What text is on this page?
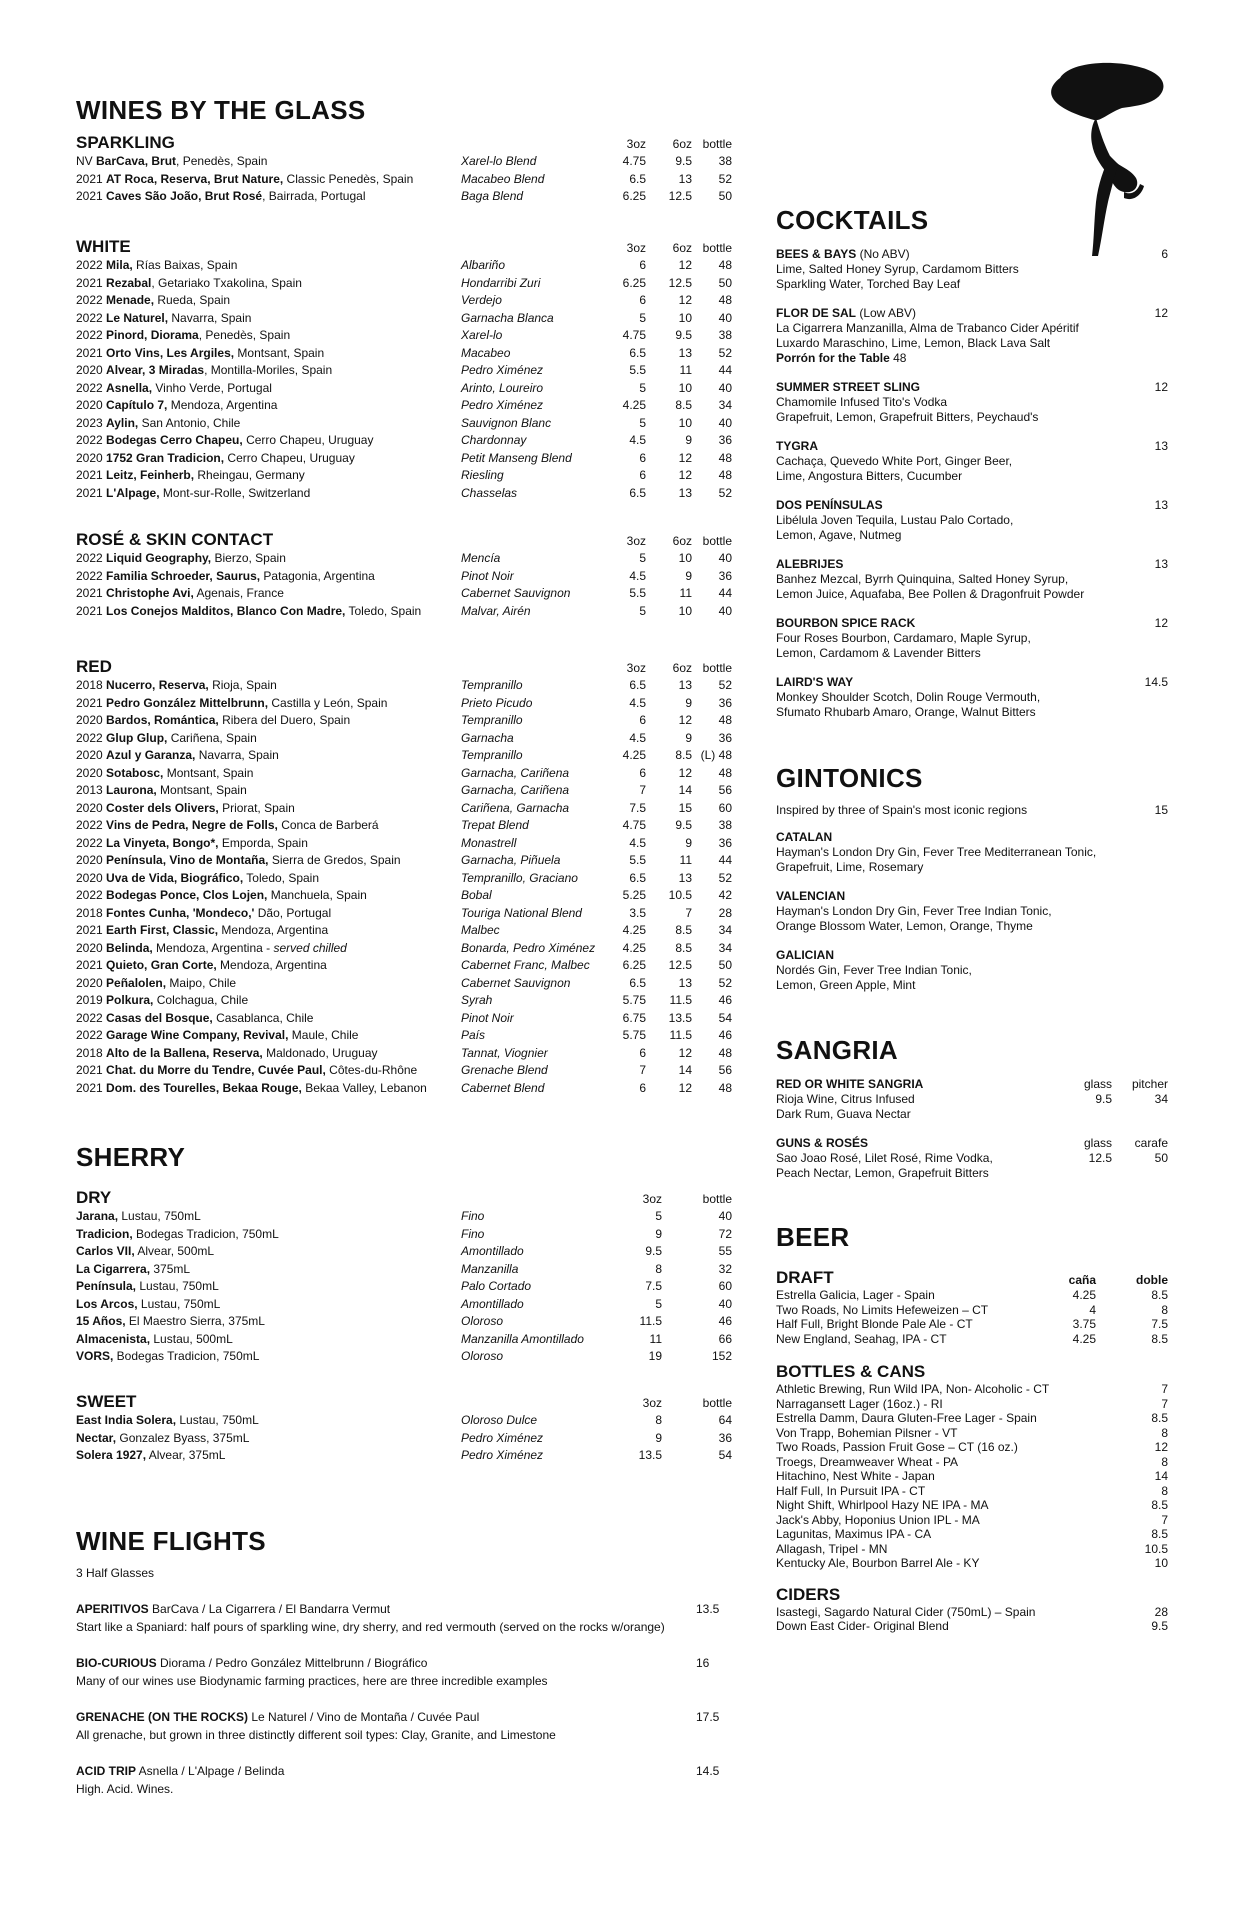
WINES BY THE GLASS
SPARKLING	3oz 6oz bottle
NV BarCava, Brut, Penedès, Spain	Xarel-lo Blend	4.75 9.5 38
2021 AT Roca, Reserva, Brut Nature, Classic Penedès, Spain	Macabeo Blend	6.5	13 52
2021 Caves São João, Brut Rosé, Bairrada, Portugal	Baga Blend	6.25 12.5 50
WHITE	3oz 6oz bottle
2022 Mila, Rías Baixas, Spain	Albariño	6	12 48
2021 Rezabal, Getariako Txakolina, Spain	Hondarribi Zuri	6.25 12.5 50
2022 Menade, Rueda, Spain	Verdejo	6	12 48
2022 Le Naturel, Navarra, Spain	Garnacha Blanca	5	10 40
2022 Pinord, Diorama, Penedès, Spain	Xarel-lo	4.75 9.5 38
2021 Orto Vins, Les Argiles, Montsant, Spain	Macabeo	6.5	13 52
2020 Alvear, 3 Miradas, Montilla-Moriles, Spain	Pedro Ximénez	5.5	11 44
2022 Asnella, Vinho Verde, Portugal	Arinto, Loureiro	5	10 40
2020 Capítulo 7, Mendoza, Argentina	Pedro Ximénez	4.25 8.5 34
2023 Aylin, San Antonio, Chile	Sauvignon Blanc	5	10 40
2022 Bodegas Cerro Chapeu, Cerro Chapeu, Uruguay	Chardonnay	4.5	9 36
2020 1752 Gran Tradicion, Cerro Chapeu, Uruguay	Petit Manseng Blend	6	12 48
2021 Leitz, Feinherb, Rheingau, Germany	Riesling	6	12 48
2021 L'Alpage, Mont-sur-Rolle, Switzerland	Chasselas	6.5	13 52
ROSÉ & SKIN CONTACT	3oz 6oz bottle
2022 Liquid Geography, Bierzo, Spain	Mencía	5	10 40
2022 Familia Schroeder, Saurus, Patagonia, Argentina	Pinot Noir	4.5	9 36
2021 Christophe Avi, Agenais, France	Cabernet Sauvignon	5.5	11 44
2021 Los Conejos Malditos, Blanco Con Madre, Toledo, Spain	Malvar, Airén	5	10 40
RED	3oz 6oz bottle
2018 Nucerro, Reserva, Rioja, Spain	Tempranillo	6.5	13 52
2021 Pedro González Mittelbrunn, Castilla y León, Spain	Prieto Picudo	4.5	9 36
2020 Bardos, Romántica, Ribera del Duero, Spain	Tempranillo	6	12 48
2022 Glup Glup, Cariñena, Spain	Garnacha	4.5	9 36
2020 Azul y Garanza, Navarra, Spain	Tempranillo	4.25 8.5 (L) 48
2020 Sotabosc, Montsant, Spain	Garnacha, Cariñena	6	12 48
2013 Laurona, Montsant, Spain	Garnacha, Cariñena	7	14 56
2020 Coster dels Olivers, Priorat, Spain	Cariñena, Garnacha	7.5	15 60
2022 Vins de Pedra, Negre de Folls, Conca de Barberá	Trepat Blend	4.75 9.5 38
2022 La Vinyeta, Bongo*, Emporda, Spain	Monastrell	4.5	9 36
2020 Península, Vino de Montaña, Sierra de Gredos, Spain	Garnacha, Piñuela	5.5	11 44
2020 Uva de Vida, Biográfico, Toledo, Spain	Tempranillo, Graciano	6.5	13 52
2022 Bodegas Ponce, Clos Lojen, Manchuela, Spain	Bobal	5.25 10.5 42
2018 Fontes Cunha, 'Mondeco,' Dão, Portugal	Touriga National Blend	3.5	7 28
2021 Earth First, Classic, Mendoza, Argentina	Malbec	4.25 8.5 34
2020 Belinda, Mendoza, Argentina - served chilled	Bonarda, Pedro Ximénez 4.25 8.5 34
2021 Quieto, Gran Corte, Mendoza, Argentina	Cabernet Franc, Malbec	6.25 12.5 50
2020 Peñalolen, Maipo, Chile	Cabernet Sauvignon	6.5	13 52
2019 Polkura, Colchagua, Chile	Syrah	5.75 11.5 46
2022 Casas del Bosque, Casablanca, Chile	Pinot Noir	6.75 13.5 54
2022 Garage Wine Company, Revival, Maule, Chile	País	5.75 11.5 46
2018 Alto de la Ballena, Reserva, Maldonado, Uruguay	Tannat, Viognier	6	12 48
2021 Chat. du Morre du Tendre, Cuvée Paul, Côtes-du-Rhône	Grenache Blend	7	14 56
2021 Dom. des Tourelles, Bekaa Rouge, Bekaa Valley, Lebanon	Cabernet Blend	6	12 48
SHERRY
DRY	3oz	bottle
Jarana, Lustau, 750mL	Fino	5	40
Tradicion, Bodegas Tradicion, 750mL	Fino	9	72
Carlos VII, Alvear, 500mL	Amontillado	9.5	55
La Cigarrera, 375mL	Manzanilla	8	32
Península, Lustau, 750mL	Palo Cortado	7.5	60
Los Arcos, Lustau, 750mL	Amontillado	5	40
15 Años, El Maestro Sierra, 375mL	Oloroso	11.5	46
Almacenista, Lustau, 500mL	Manzanilla Amontillado	11	66
VORS, Bodegas Tradicion, 750mL	Oloroso	19	152
SWEET	3oz	bottle
East India Solera, Lustau, 750mL	Oloroso Dulce	8	64
Nectar, Gonzalez Byass, 375mL	Pedro Ximénez	9	36
Solera 1927, Alvear, 375mL	Pedro Ximénez	13.5	54
WINE FLIGHTS
3 Half Glasses
APERITIVOS BarCava / La Cigarrera / El Bandarra Vermut	13.5
Start like a Spaniard: half pours of sparkling wine, dry sherry, and red vermouth (served on the rocks w/orange)
BIO-CURIOUS Diorama / Pedro González Mittelbrunn / Biográfico	16
Many of our wines use Biodynamic farming practices, here are three incredible examples
GRENACHE (ON THE ROCKS) Le Naturel / Vino de Montaña / Cuvée Paul	17.5
All grenache, but grown in three distinctly different soil types: Clay, Granite, and Limestone
ACID TRIP Asnella / L'Alpage / Belinda	14.5
High. Acid. Wines.
COCKTAILS
BEES & BAYS (No ABV)	6
Lime, Salted Honey Syrup, Cardamom Bitters
Sparkling Water, Torched Bay Leaf
FLOR DE SAL (Low ABV)	12
La Cigarrera Manzanilla, Alma de Trabanco Cider Apéritif
Luxardo Maraschino, Lime, Lemon, Black Lava Salt
Porrón for the Table 48
SUMMER STREET SLING	12
Chamomile Infused Tito's Vodka
Grapefruit, Lemon, Grapefruit Bitters, Peychaud's
TYGRA	13
Cachaça, Quevedo White Port, Ginger Beer,
Lime, Angostura Bitters, Cucumber
DOS PENÍNSULAS	13
Libélula Joven Tequila, Lustau Palo Cortado,
Lemon, Agave, Nutmeg
ALEBRIJES	13
Banhez Mezcal, Byrrh Quinquina, Salted Honey Syrup,
Lemon Juice, Aquafaba, Bee Pollen & Dragonfruit Powder
BOURBON SPICE RACK	12
Four Roses Bourbon, Cardamaro, Maple Syrup,
Lemon, Cardamom & Lavender Bitters
LAIRD'S WAY	14.5
Monkey Shoulder Scotch, Dolin Rouge Vermouth,
Sfumato Rhubarb Amaro, Orange, Walnut Bitters
GINTONICS
Inspired by three of Spain's most iconic regions	15
CATALAN
Hayman's London Dry Gin, Fever Tree Mediterranean Tonic,
Grapefruit, Lime, Rosemary
VALENCIAN
Hayman's London Dry Gin, Fever Tree Indian Tonic,
Orange Blossom Water, Lemon, Orange, Thyme
GALICIAN
Nordés Gin, Fever Tree Indian Tonic,
Lemon, Green Apple, Mint
SANGRIA
RED OR WHITE SANGRIA	glass pitcher
Rioja Wine, Citrus Infused	9.5	34
Dark Rum, Guava Nectar
GUNS & ROSÉS	glass carafe
Sao Joao Rosé, Lilet Rosé, Rime Vodka,	12.5	50
Peach Nectar, Lemon, Grapefruit Bitters
BEER
DRAFT	caña	doble
Estrella Galicia, Lager - Spain	4.25	8.5
Two Roads, No Limits Hefeweizen – CT	4	8
Half Full, Bright Blonde Pale Ale - CT	3.75	7.5
New England, Seahag, IPA - CT	4.25	8.5
BOTTLES & CANS
Athletic Brewing, Run Wild IPA, Non- Alcoholic - CT	7
Narragansett Lager (16oz.) - RI	7
Estrella Damm, Daura Gluten-Free Lager - Spain	8.5
Von Trapp, Bohemian Pilsner - VT	8
Two Roads, Passion Fruit Gose – CT (16 oz.)	12
Troegs, Dreamweaver Wheat - PA	8
Hitachino, Nest White - Japan	14
Half Full, In Pursuit IPA - CT	8
Night Shift, Whirlpool Hazy NE IPA - MA	8.5
Jack's Abby, Hoponius Union IPL - MA	7
Lagunitas, Maximus IPA - CA	8.5
Allagash, Tripel - MN	10.5
Kentucky Ale, Bourbon Barrel Ale - KY	10
CIDERS
Isastegi, Sagardo Natural Cider (750mL) – Spain	28
Down East Cider- Original Blend	9.5
